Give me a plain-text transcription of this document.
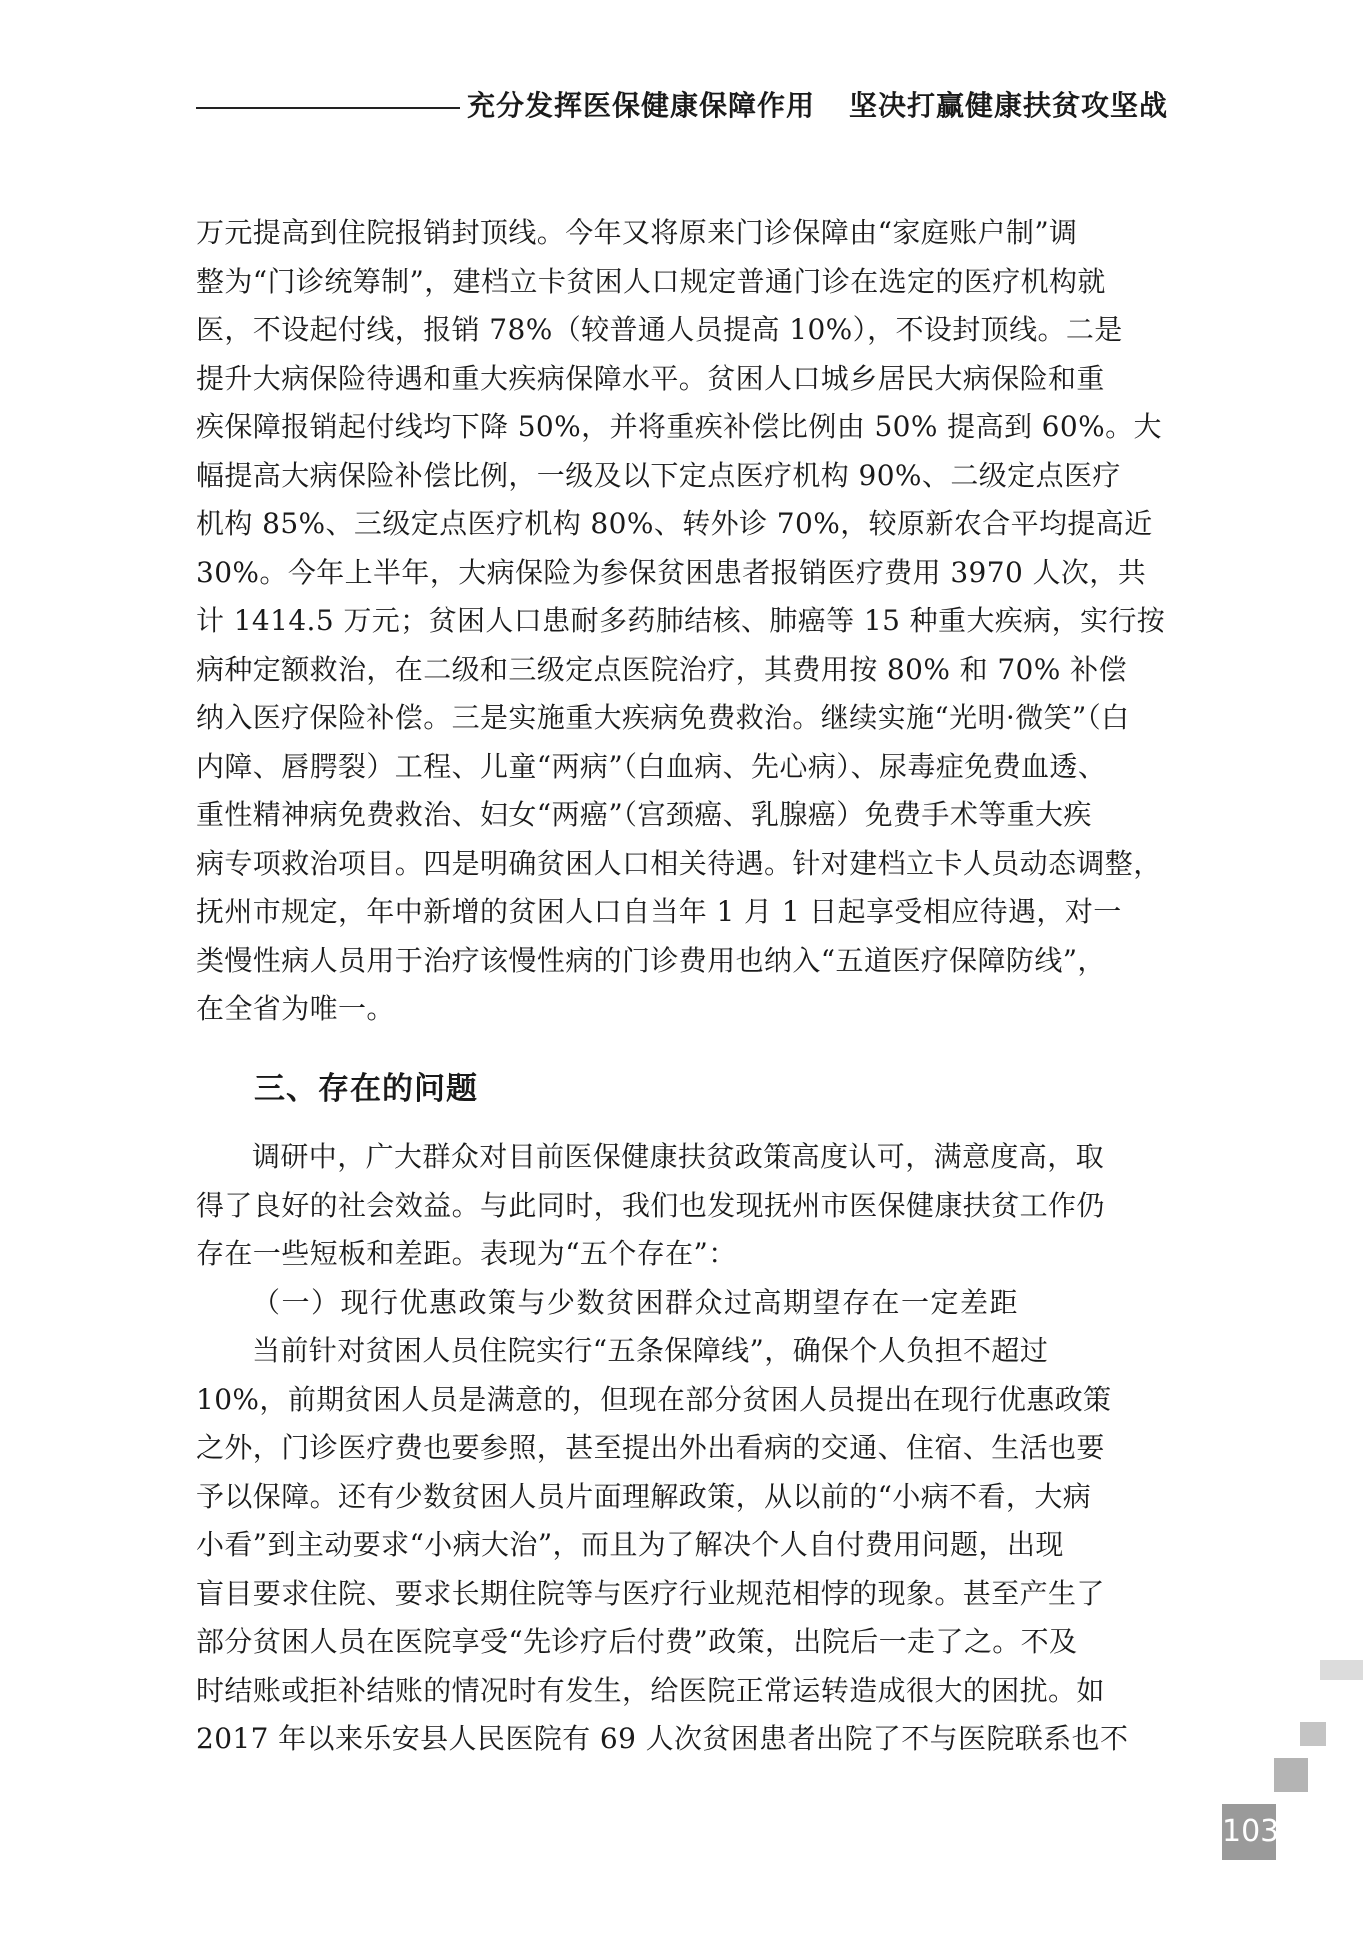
充分发挥医保健康保障作用 坚决打赢健康扶贫攻坚战
万元提高到住院报销封顶线。今年又将原来门诊保障由“家庭账户制”调
整为“门诊统筹制”，建档立卡贫困人口规定普通门诊在选定的医疗机构就
医，不设起付线，报销 78%（较普通人员提高 10%），不设封顶线。二是
提升大病保险待遇和重大疾病保障水平。贫困人口城乡居民大病保险和重
疾保障报销起付线均下降 50%，并将重疾补偿比例由 50% 提高到 60%。大
幅提高大病保险补偿比例，一级及以下定点医疗机构 90%、二级定点医疗
机构 85%、三级定点医疗机构 80%、转外诊 70%，较原新农合平均提高近
30%。今年上半年，大病保险为参保贫困患者报销医疗费用 3970 人次，共
计 1414.5 万元；贫困人口患耐多药肺结核、肺癌等 15 种重大疾病，实行按
病种定额救治，在二级和三级定点医院治疗，其费用按 80% 和 70% 补偿
纳入医疗保险补偿。三是实施重大疾病免费救治。继续实施“光明·微笑”（白
内障、唇腭裂）工程、儿童“两病”（白血病、先心病）、尿毒症免费血透、
重性精神病免费救治、妇女“两癌”（宫颈癌、乳腺癌）免费手术等重大疾
病专项救治项目。四是明确贫困人口相关待遇。针对建档立卡人员动态调整，
抚州市规定，年中新增的贫困人口自当年 1 月 1 日起享受相应待遇，对一
类慢性病人员用于治疗该慢性病的门诊费用也纳入“五道医疗保障防线”，
在全省为唯一。
三、存在的问题
调研中，广大群众对目前医保健康扶贫政策高度认可，满意度高，取
得了良好的社会效益。与此同时，我们也发现抚州市医保健康扶贫工作仍
存在一些短板和差距。表现为“五个存在”：
（一）现行优惠政策与少数贫困群众过高期望存在一定差距
当前针对贫困人员住院实行“五条保障线”，确保个人负担不超过
10%，前期贫困人员是满意的，但现在部分贫困人员提出在现行优惠政策
之外，门诊医疗费也要参照，甚至提出外出看病的交通、住宿、生活也要
予以保障。还有少数贫困人员片面理解政策，从以前的“小病不看，大病
小看”到主动要求“小病大治”，而且为了解决个人自付费用问题，出现
盲目要求住院、要求长期住院等与医疗行业规范相悖的现象。甚至产生了
部分贫困人员在医院享受“先诊疗后付费”政策，出院后一走了之。不及
时结账或拒补结账的情况时有发生，给医院正常运转造成很大的困扰。如
2017 年以来乐安县人民医院有 69 人次贫困患者出院了不与医院联系也不
103
